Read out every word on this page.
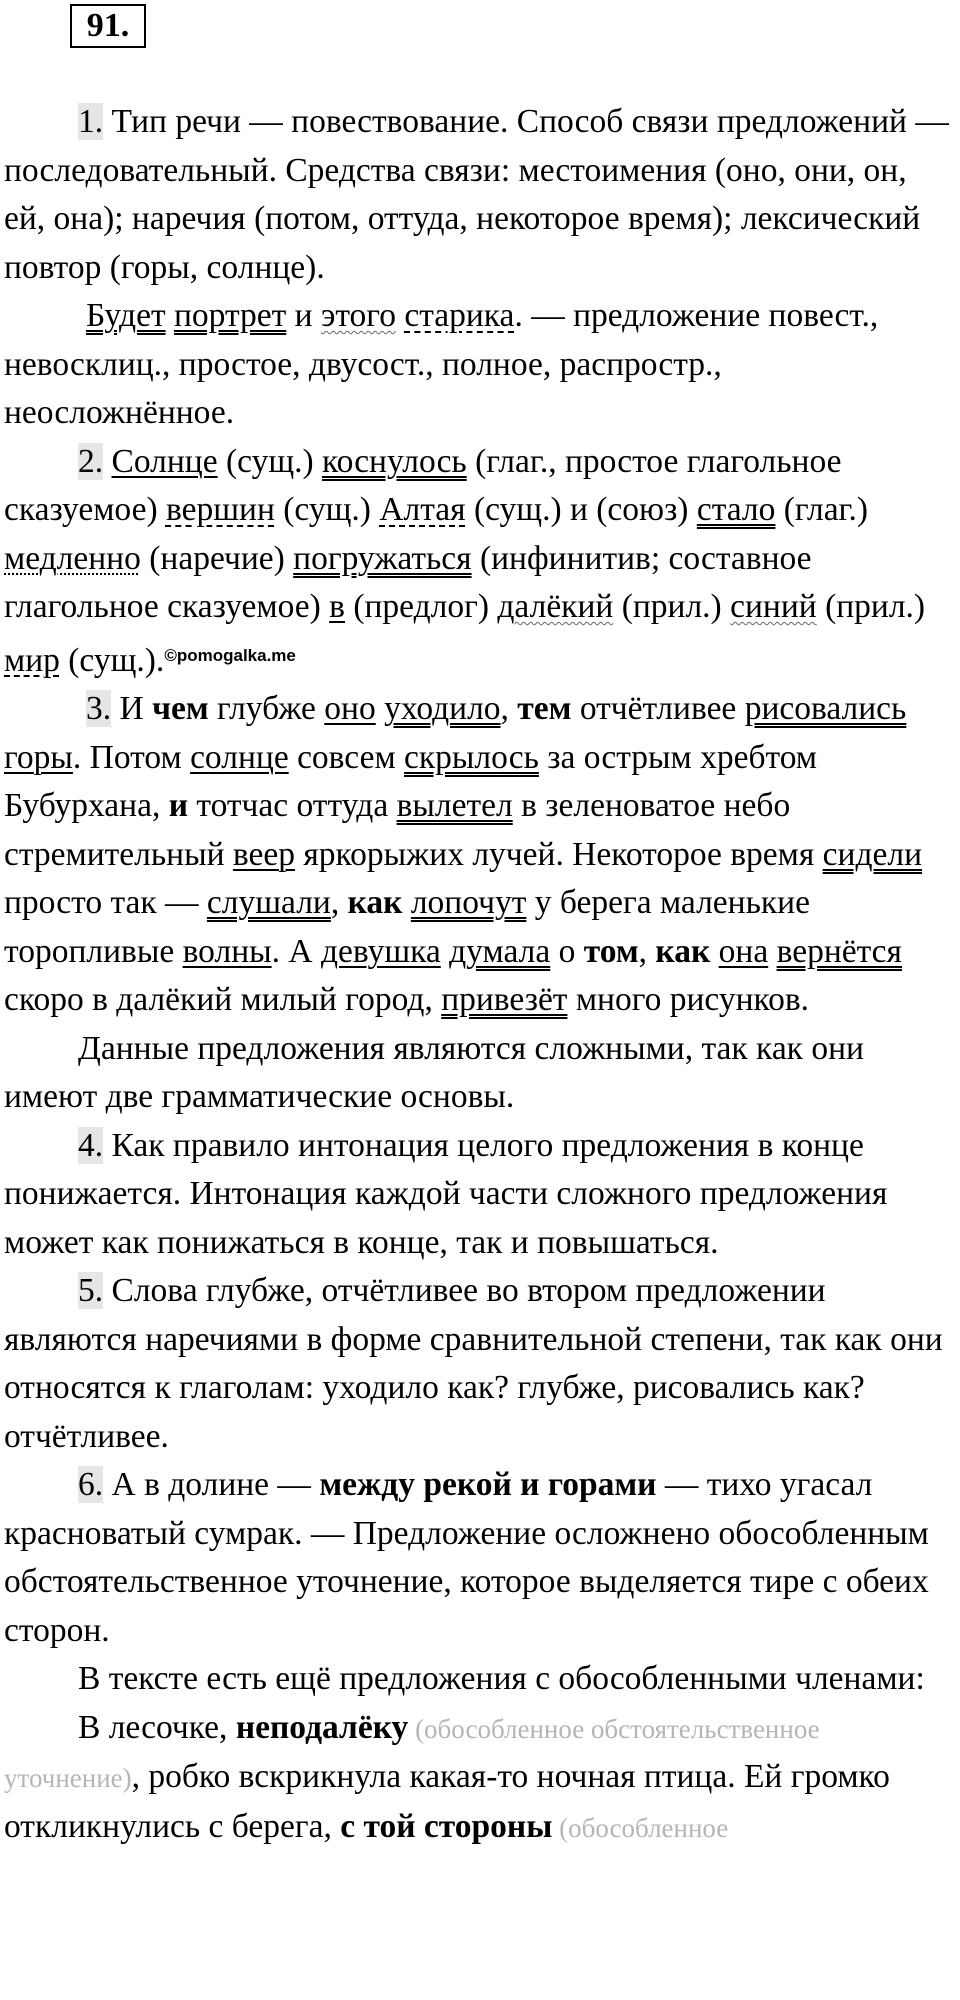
91.

1. Тип речи — повествование. Способ связи предложений — последовательный. Средства связи: местоимения (оно, они, он, ей, она); наречия (потом, оттуда, некоторое время); лексический повтор (горы, солнце).

Будет портрет и этого старика. — предложение повест., невосклиц., простое, двусост., полное, распростр., неосложнённое.

2. Солнце (сущ.) коснулось (глаг., простое глагольное сказуемое) вершин (сущ.) Алтая (сущ.) и (союз) стало (глаг.) медленно (наречие) погружаться (инфинитив; составное глагольное сказуемое) в (предлог) далёкий (прил.) синий (прил.) мир (сущ.).$^{©pomogalka.me}$

3. И чем глубже оно уходило, тем отчётливее рисовались горы. Потом солнце совсем скрылось за острым хребтом Бубурхана, и тотчас оттуда вылетел в зеленоватое небо стремительный веер яркорыжих лучей. Некоторое время сидели просто так — слушали, как лопочут у берега маленькие торопливые волны. А девушка думала о том, как она вернётся скоро в далёкий милый город, привезёт много рисунков.

Данные предложения являются сложными, так как они имеют две грамматические основы.

4. Как правило интонация целого предложения в конце понижается. Интонация каждой части сложного предложения может как понижаться в конце, так и повышаться.

5. Слова глубже, отчётливее во втором предложении являются наречиями в форме сравнительной степени, так как они относятся к глаголам: уходило как? глубже, рисовались как? отчётливее.

6. А в долине — между рекой и горами — тихо угасал красноватый сумрак. — Предложение осложнено обособленным обстоятельственное уточнение, которое выделяется тире с обеих сторон.

В тексте есть ещё предложения с обособленными членами:

В лесочке, неподалёку (обособленное обстоятельственное уточнение), робко вскрикнула какая-то ночная птица. Ей громко откликнулись с берега, с той стороны (обособленное
